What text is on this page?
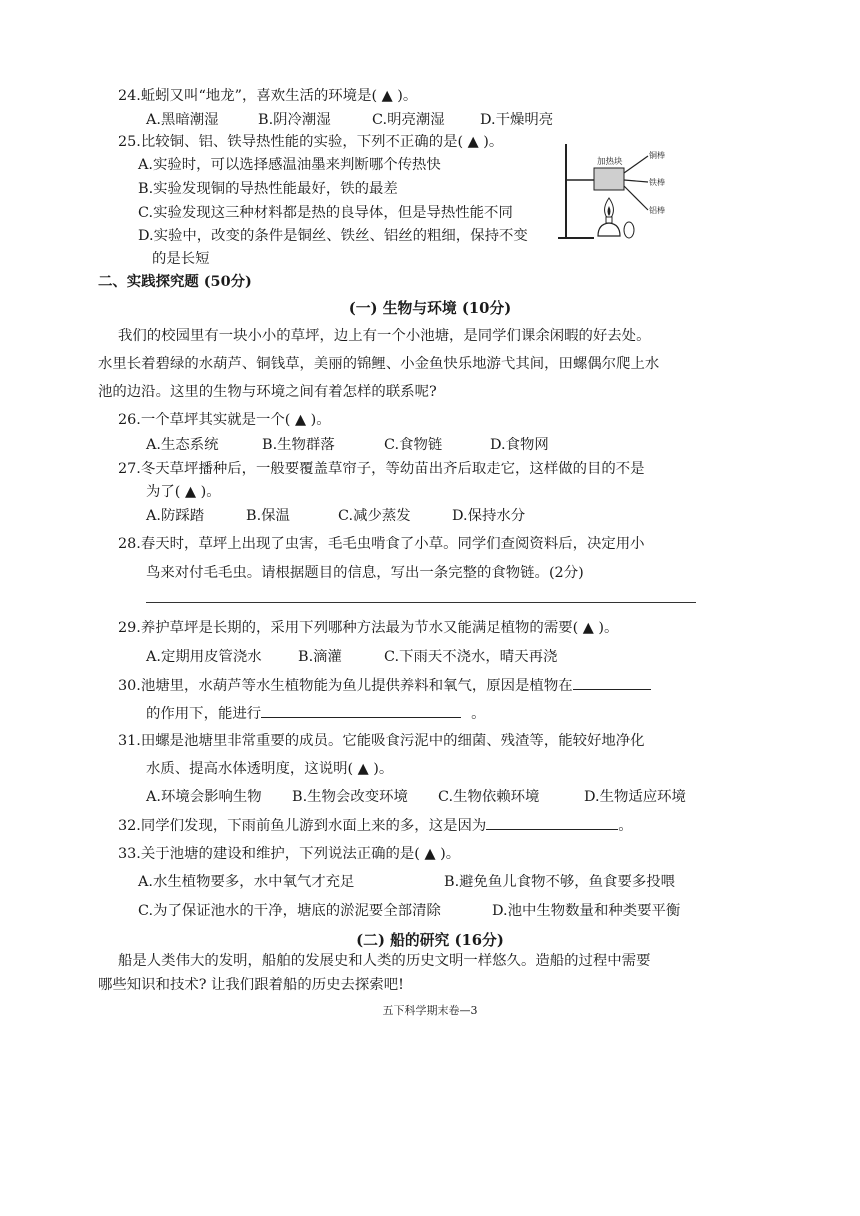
24.蚯蚓又叫“地龙”，喜欢生活的环境是( ▲ )。
A.黑暗潮湿	B.阴冷潮湿	C.明亮潮湿 D.干燥明亮
25.比较铜、铝、铁导热性能的实验，下列不正确的是( ▲ )。
A.实验时，可以选择感温油墨来判断哪个传热快
B.实验发现铜的导热性能最好，铁的最差
C.实验发现这三种材料都是热的良导体，但是导热性能不同
D.实验中，改变的条件是铜丝、铁丝、铝丝的粗细，保持不变
的是长短
加热块
铜棒
铁棒
铝棒
二、实践探究题 (50分)
(一) 生物与环境 (10分)
我们的校园里有一块小小的草坪，边上有一个小池塘，是同学们课余闲暇的好去处。
水里长着碧绿的水葫芦、铜钱草，美丽的锦鲤、小金鱼快乐地游弋其间，田螺偶尔爬上水
池的边沿。这里的生物与环境之间有着怎样的联系呢?
26.一个草坪其实就是一个( ▲ )。
A.生态系统	B.生物群落	C.食物链	D.食物网
27.冬天草坪播种后，一般要覆盖草帘子，等幼苗出齐后取走它，这样做的目的不是
为了( ▲ )。
A.防踩踏	B.保温	C.减少蒸发	D.保持水分
28.春天时，草坪上出现了虫害，毛毛虫啃食了小草。同学们查阅资料后，决定用小
鸟来对付毛毛虫。请根据题目的信息，写出一条完整的食物链。(2分)
29.养护草坪是长期的，采用下列哪种方法最为节水又能满足植物的需要( ▲ )。
A.定期用皮管浇水	B.滴灌	C.下雨天不浇水，晴天再浇
30.池塘里，水葫芦等水生植物能为鱼儿提供养料和氧气，原因是植物在
的作用下，能进行	。
31.田螺是池塘里非常重要的成员。它能吸食污泥中的细菌、残渣等，能较好地净化
水质、提高水体透明度，这说明( ▲ )。
A.环境会影响生物 B.生物会改变环境 C.生物依赖环境	D.生物适应环境
32.同学们发现，下雨前鱼儿游到水面上来的多，这是因为	。
33.关于池塘的建设和维护，下列说法正确的是( ▲ )。
A.水生植物要多，水中氧气才充足	B.避免鱼儿食物不够，鱼食要多投喂
C.为了保证池水的干净，塘底的淤泥要全部清除	D.池中生物数量和种类要平衡
(二) 船的研究 (16分)
船是人类伟大的发明，船舶的发展史和人类的历史文明一样悠久。造船的过程中需要
哪些知识和技术? 让我们跟着船的历史去探索吧!
五下科学期末卷—3
